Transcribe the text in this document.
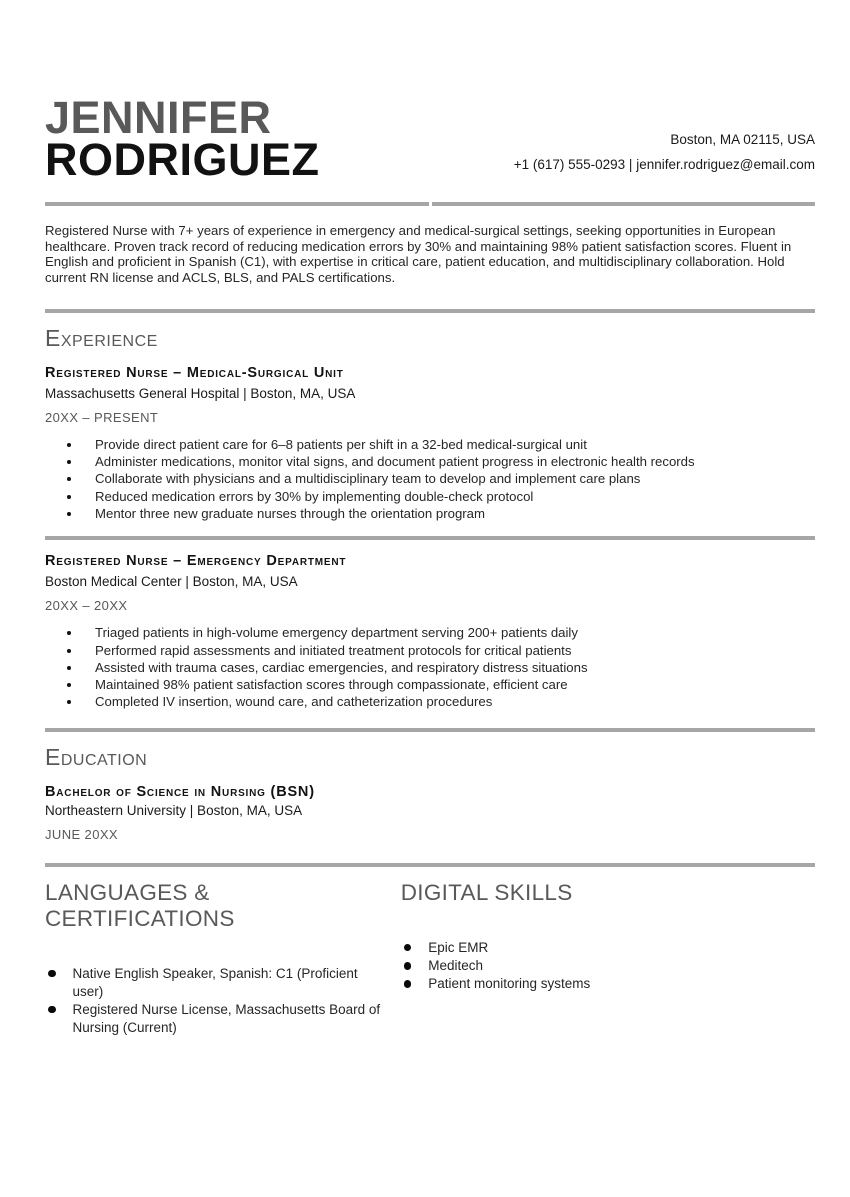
JENNIFER
RODRIGUEZ	Boston, MA 02115, USA
+1 (617) 555-0293 | jennifer.rodriguez@email.com

Registered Nurse with 7+ years of experience in emergency and medical-surgical settings, seeking opportunities in European healthcare. Proven track record of reducing medication errors by 30% and maintaining 98% patient satisfaction scores. Fluent in English and proficient in Spanish (C1), with expertise in critical care, patient education, and multidisciplinary collaboration. Hold current RN license and ACLS, BLS, and PALS certifications.

Experience
Registered Nurse – Medical-Surgical Unit
Massachusetts General Hospital | Boston, MA, USA
20XX – PRESENT
Provide direct patient care for 6–8 patients per shift in a 32-bed medical-surgical unit
Administer medications, monitor vital signs, and document patient progress in electronic health records
Collaborate with physicians and a multidisciplinary team to develop and implement care plans
Reduced medication errors by 30% by implementing double-check protocol
Mentor three new graduate nurses through the orientation program
Registered Nurse – Emergency Department
Boston Medical Center | Boston, MA, USA
20XX – 20XX
Triaged patients in high-volume emergency department serving 200+ patients daily
Performed rapid assessments and initiated treatment protocols for critical patients
Assisted with trauma cases, cardiac emergencies, and respiratory distress situations
Maintained 98% patient satisfaction scores through compassionate, efficient care
Completed IV insertion, wound care, and catheterization procedures
Education
Bachelor of Science in Nursing (BSN)
Northeastern University | Boston, MA, USA
JUNE 20XX
LANGUAGES & CERTIFICATIONS
Native English Speaker, Spanish: C1 (Proficient user)
Registered Nurse License, Massachusetts Board of Nursing (Current)
DIGITAL SKILLS
Epic EMR
Meditech
Patient monitoring systems
